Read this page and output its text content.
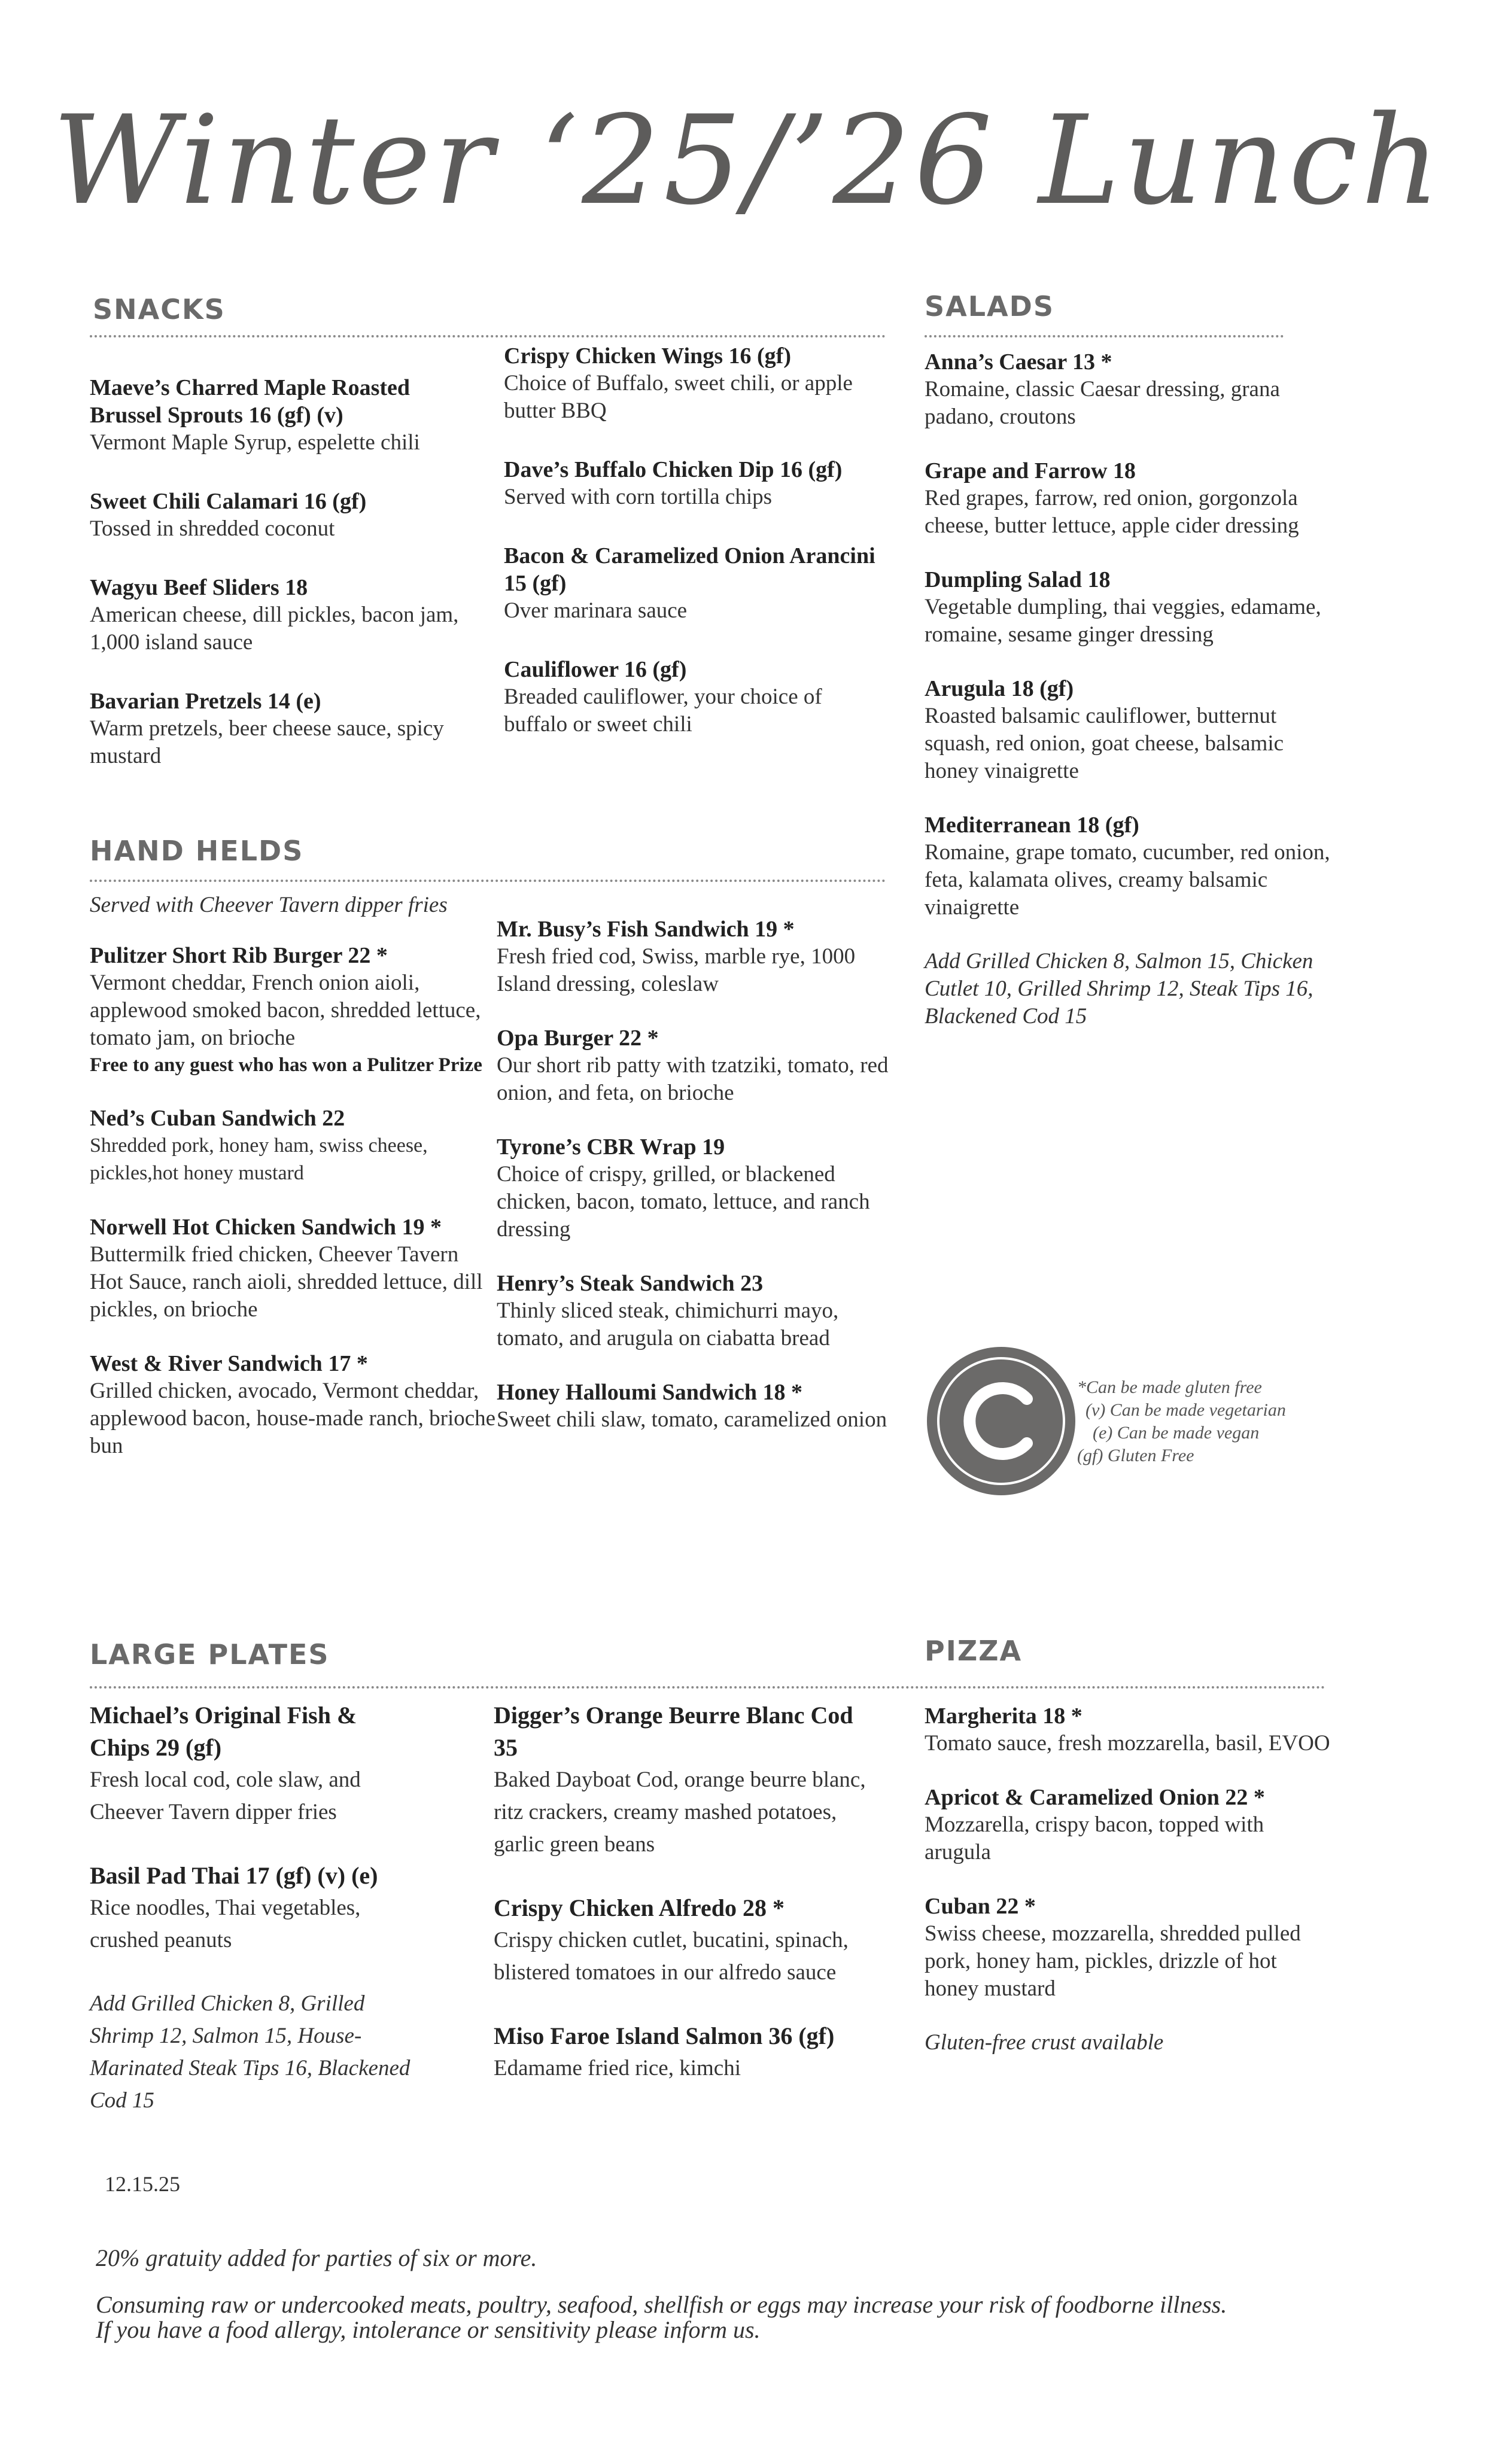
Winter ‘25/’26 Lunch
SNACKS
Maeve’s Charred Maple Roasted Brussel Sprouts 16 (gf) (v)
Vermont Maple Syrup, espelette chili
Sweet Chili Calamari 16 (gf)
Tossed in shredded coconut
Wagyu Beef Sliders 18
American cheese, dill pickles, bacon jam, 1,000 island sauce
Bavarian Pretzels 14 (e)
Warm pretzels, beer cheese sauce, spicy mustard
Crispy Chicken Wings 16 (gf)
Choice of Buffalo, sweet chili, or apple butter BBQ
Dave’s Buffalo Chicken Dip 16 (gf)
Served with corn tortilla chips
Bacon & Caramelized Onion Arancini 15 (gf)
Over marinara sauce
Cauliflower 16 (gf)
Breaded cauliflower, your choice of buffalo or sweet chili
SALADS
Anna’s Caesar 13 *
Romaine, classic Caesar dressing, grana padano, croutons
Grape and Farrow 18
Red grapes, farrow, red onion, gorgonzola cheese, butter lettuce, apple cider dressing
Dumpling Salad 18
Vegetable dumpling, thai veggies, edamame, romaine, sesame ginger dressing
Arugula 18 (gf)
Roasted balsamic cauliflower, butternut squash, red onion, goat cheese, balsamic honey vinaigrette
Mediterranean 18 (gf)
Romaine, grape tomato, cucumber, red onion, feta, kalamata olives, creamy balsamic vinaigrette
Add Grilled Chicken 8, Salmon 15, Chicken Cutlet 10, Grilled Shrimp 12, Steak Tips 16, Blackened Cod 15
HAND HELDS
Served with Cheever Tavern dipper fries
Pulitzer Short Rib Burger 22 *
Vermont cheddar, French onion aioli, applewood smoked bacon, shredded lettuce, tomato jam, on brioche
Free to any guest who has won a Pulitzer Prize
Ned’s Cuban Sandwich 22
Shredded pork, honey ham, swiss cheese, pickles,hot honey mustard
Norwell Hot Chicken Sandwich 19 *
Buttermilk fried chicken, Cheever Tavern Hot Sauce, ranch aioli, shredded lettuce, dill pickles, on brioche
West & River Sandwich 17 *
Grilled chicken, avocado, Vermont cheddar, applewood bacon, house-made ranch, brioche bun
Mr. Busy’s Fish Sandwich 19 *
Fresh fried cod, Swiss, marble rye, 1000 Island dressing, coleslaw
Opa Burger 22 *
Our short rib patty with tzatziki, tomato, red onion, and feta, on brioche
Tyrone’s CBR Wrap 19
Choice of crispy, grilled, or blackened chicken, bacon, tomato, lettuce, and ranch dressing
Henry’s Steak Sandwich 23
Thinly sliced steak, chimichurri mayo, tomato, and arugula on ciabatta bread
Honey Halloumi Sandwich 18 *
Sweet chili slaw, tomato, caramelized onion
*Can be made gluten free
(v) Can be made vegetarian
(e) Can be made vegan
(gf) Gluten Free
LARGE PLATES	PIZZA
Michael’s Original Fish & Chips 29 (gf)
Fresh local cod, cole slaw, and Cheever Tavern dipper fries
Basil Pad Thai 17 (gf) (v) (e)
Rice noodles, Thai vegetables, crushed peanuts
Add Grilled Chicken 8, Grilled Shrimp 12, Salmon 15, House-Marinated Steak Tips 16, Blackened Cod 15
Digger’s Orange Beurre Blanc Cod 35
Baked Dayboat Cod, orange beurre blanc, ritz crackers, creamy mashed potatoes, garlic green beans
Crispy Chicken Alfredo 28 *
Crispy chicken cutlet, bucatini, spinach, blistered tomatoes in our alfredo sauce
Miso Faroe Island Salmon 36 (gf)
Edamame fried rice, kimchi
Margherita 18 *
Tomato sauce, fresh mozzarella, basil, EVOO
Apricot & Caramelized Onion 22 *
Mozzarella, crispy bacon, topped with arugula
Cuban 22 *
Swiss cheese, mozzarella, shredded pulled pork, honey ham, pickles, drizzle of hot honey mustard
Gluten-free crust available
12.15.25
20% gratuity added for parties of six or more.
Consuming raw or undercooked meats, poultry, seafood, shellfish or eggs may increase your risk of foodborne illness.
If you have a food allergy, intolerance or sensitivity please inform us.
